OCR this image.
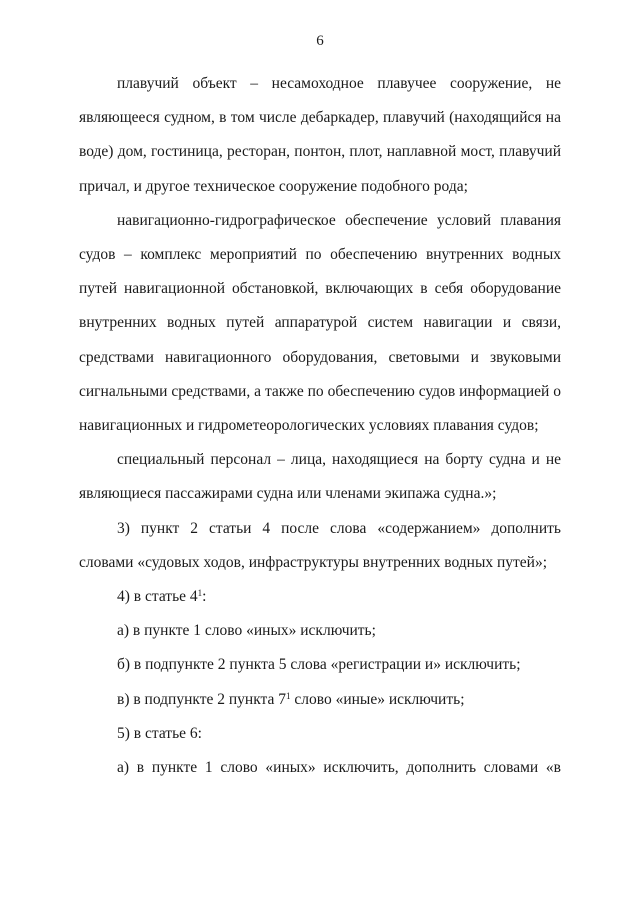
6

плавучий объект – несамоходное плавучее сооружение, не являющееся судном, в том числе дебаркадер, плавучий (находящийся на воде) дом, гостиница, ресторан, понтон, плот, наплавной мост, плавучий причал, и другое техническое сооружение подобного рода;

навигационно-гидрографическое обеспечение условий плавания судов – комплекс мероприятий по обеспечению внутренних водных путей навигационной обстановкой, включающих в себя оборудование внутренних водных путей аппаратурой систем навигации и связи, средствами навигационного оборудования, световыми и звуковыми сигнальными средствами, а также по обеспечению судов информацией о навигационных и гидрометеорологических условиях плавания судов;

специальный персонал – лица, находящиеся на борту судна и не являющиеся пассажирами судна или членами экипажа судна.»;

3) пункт 2 статьи 4 после слова «содержанием» дополнить словами «судовых ходов, инфраструктуры внутренних водных путей»;

4) в статье $4^1$:

а) в пункте 1 слово «иных» исключить;

б) в подпункте 2 пункта 5 слова «регистрации и» исключить;

в) в подпункте 2 пункта $7^1$ слово «иные» исключить;

5) в статье 6:

а) в пункте 1 слово «иных» исключить, дополнить словами «в
